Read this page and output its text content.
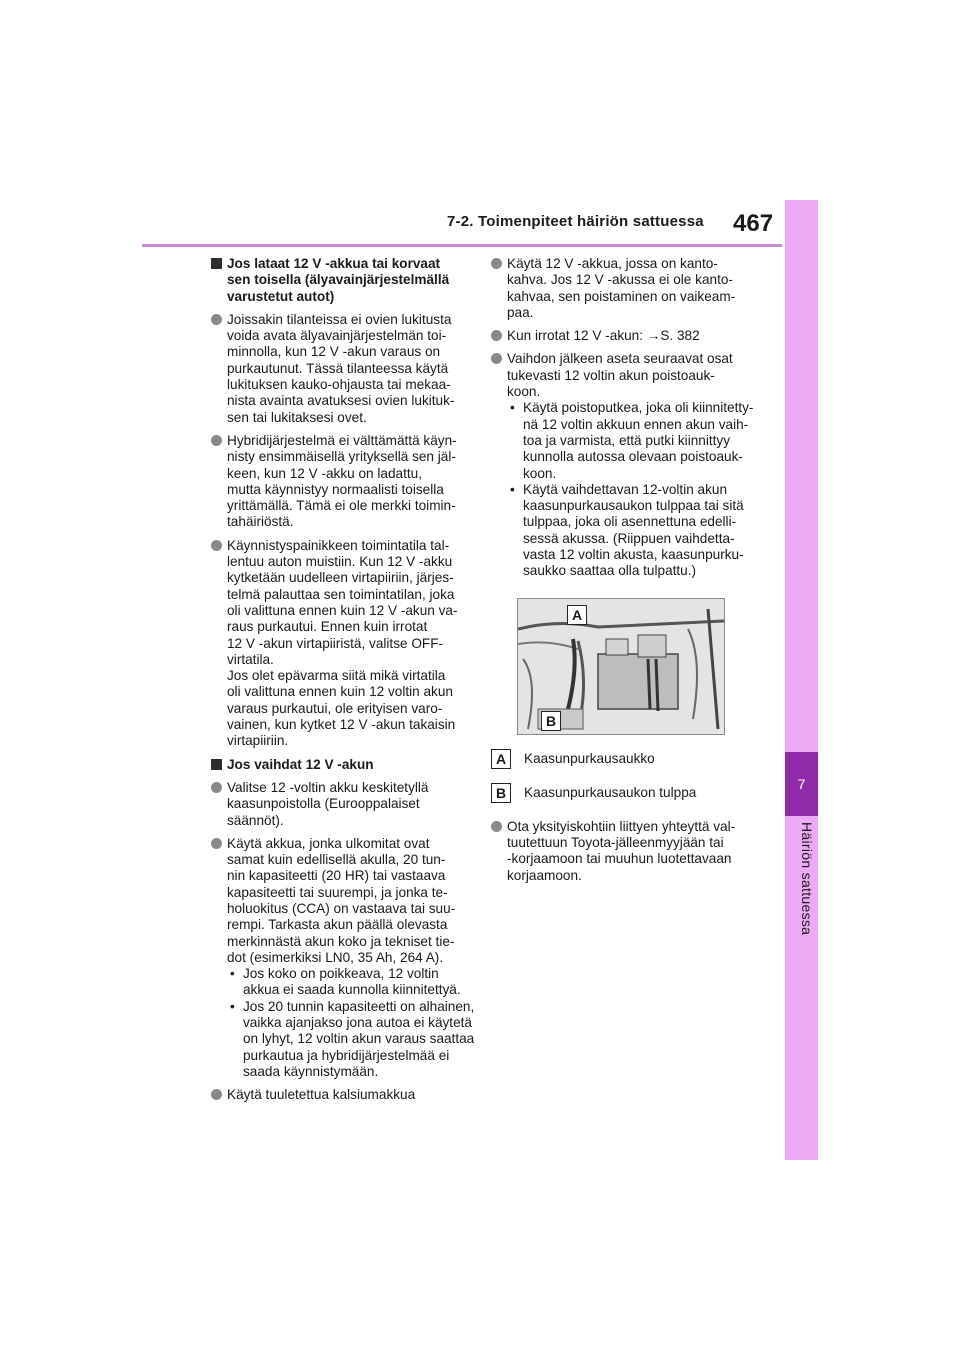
7-2. Toimenpiteet häiriön sattuessa 467
7
Häiriön sattuessa
Jos lataat 12 V -akkua tai korvaat
sen toisella (älyavainjärjestelmällä
varustetut autot)
Joissakin tilanteissa ei ovien lukitusta
voida avata älyavainjärjestelmän toi-
minnolla, kun 12 V -akun varaus on
purkautunut. Tässä tilanteessa käytä
lukituksen kauko-ohjausta tai mekaa-
nista avainta avatuksesi ovien lukituk-
sen tai lukitaksesi ovet.
Hybridijärjestelmä ei välttämättä käyn-
nisty ensimmäisellä yrityksellä sen jäl-
keen, kun 12 V -akku on ladattu,
mutta käynnistyy normaalisti toisella
yrittämällä. Tämä ei ole merkki toimin-
tahäiriöstä.
Käynnistyspainikkeen toimintatila tal-
lentuu auton muistiin. Kun 12 V -akku
kytketään uudelleen virtapiiriin, järjes-
telmä palauttaa sen toimintatilan, joka
oli valittuna ennen kuin 12 V -akun va-
raus purkautui. Ennen kuin irrotat
12 V -akun virtapiiristä, valitse OFF-
virtatila.
Jos olet epävarma siitä mikä virtatila
oli valittuna ennen kuin 12 voltin akun
varaus purkautui, ole erityisen varo-
vainen, kun kytket 12 V -akun takaisin
virtapiiriin.
Jos vaihdat 12 V -akun
Valitse 12 -voltin akku keskitetyllä
kaasunpoistolla (Eurooppalaiset
säännöt).
Käytä akkua, jonka ulkomitat ovat
samat kuin edellisellä akulla, 20 tun-
nin kapasiteetti (20 HR) tai vastaava
kapasiteetti tai suurempi, ja jonka te-
holuokitus (CCA) on vastaava tai suu-
rempi. Tarkasta akun päällä olevasta
merkinnästä akun koko ja tekniset tie-
dot (esimerkiksi LN0, 35 Ah, 264 A).
• Jos koko on poikkeava, 12 voltin
akkua ei saada kunnolla kiinnitettyä.
• Jos 20 tunnin kapasiteetti on alhainen,
vaikka ajanjakso jona autoa ei käytetä
on lyhyt, 12 voltin akun varaus saattaa
purkautua ja hybridijärjestelmää ei
saada käynnistymään.
Käytä tuuletettua kalsiumakkua
Käytä 12 V -akkua, jossa on kanto-
kahva. Jos 12 V -akussa ei ole kanto-
kahvaa, sen poistaminen on vaikeam-
paa.
Kun irrotat 12 V -akun: →S. 382
Vaihdon jälkeen aseta seuraavat osat
tukevasti 12 voltin akun poistoauk-
koon.
• Käytä poistoputkea, joka oli kiinnitetty-
nä 12 voltin akkuun ennen akun vaih-
toa ja varmista, että putki kiinnittyy
kunnolla autossa olevaan poistoauk-
koon.
• Käytä vaihdettavan 12-voltin akun
kaasunpurkausaukon tulppaa tai sitä
tulppaa, joka oli asennettuna edelli-
sessä akussa. (Riippuen vaihdetta-
vasta 12 voltin akusta, kaasunpurku-
saukko saattaa olla tulpattu.)
A
B
A	Kaasunpurkausaukko
B	Kaasunpurkausaukon tulppa
Ota yksityiskohtiin liittyen yhteyttä val-
tuutettuun Toyota-jälleenmyyjään tai
-korjaamoon tai muuhun luotettavaan
korjaamoon.
